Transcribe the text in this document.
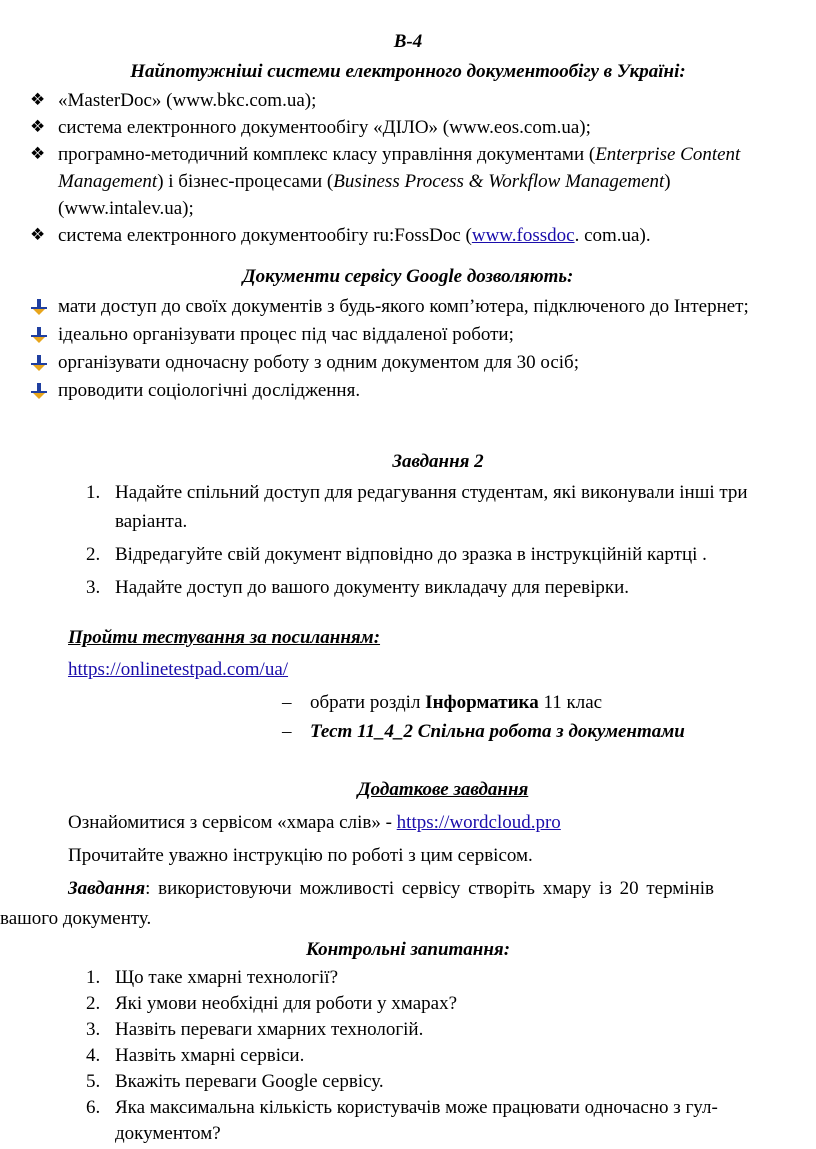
В-4
Найпотужніші системи електронного документообігу в Україні:
❖ «MasterDoc» (www.bkc.com.ua);
❖ система електронного документообігу «ДІЛО» (www.eos.com.ua);
❖ програмно-методичний комплекс класу управління документами (Enterprise Content Management) і бізнес-процесами (Business Process & Workflow Management) (www.intalev.ua);
❖ система електронного документообігу ru:FossDoc (www.fossdoc. com.ua).
Документи сервісу Google дозволяють:
мати доступ до своїх документів з будь-якого комп’ютера, підключеного до Інтернет;
ідеально організувати процес під час віддаленої роботи;
організувати одночасну роботу з одним документом для 30 осіб;
проводити соціологічні дослідження.
Завдання 2
1. Надайте спільний доступ для редагування студентам, які виконували інші три варіанта.
2. Відредагуйте свій документ відповідно до зразка в інструкційній картці .
3. Надайте доступ до вашого документу викладачу для перевірки.
Пройти тестування за посиланням:
https://onlinetestpad.com/ua/
– обрати розділ Інформатика 11 клас
– Тест 11_4_2 Спільна робота з документами
Додаткове завдання
Ознайомитися з сервісом «хмара слів» - https://wordcloud.pro
Прочитайте уважно інструкцію по роботі з цим сервісом.
Завдання: використовуючи можливості сервісу створіть хмару із 20 термінів
вашого документу.
Контрольні запитання:
1. Що таке хмарні технології?
2. Які умови необхідні для роботи у хмарах?
3. Назвіть переваги хмарних технологій.
4. Назвіть хмарні сервіси.
5. Вкажіть переваги Google сервісу.
6. Яка максимальна кількість користувачів може працювати одночасно з гул-документом?
